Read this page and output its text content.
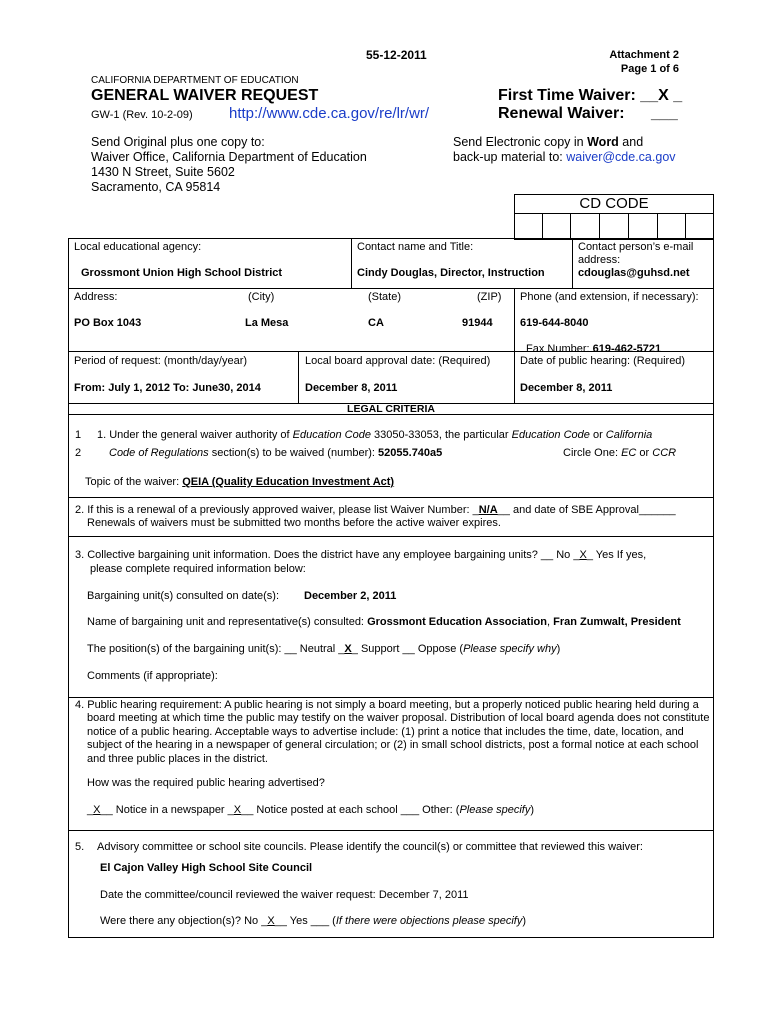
55-12-2011	Attachment 2
Page 1 of 6
CALIFORNIA DEPARTMENT OF EDUCATION
GENERAL WAIVER REQUEST
GW-1 (Rev. 10-2-09) http://www.cde.ca.gov/re/lr/wr/
First Time Waiver: __X _
Renewal Waiver: ___
Send Original plus one copy to:
Waiver Office, California Department of Education
1430 N Street, Suite 5602
Sacramento, CA 95814
Send Electronic copy in Word and
back-up material to: waiver@cde.ca.gov
CD CODE
Local educational agency:
Grossmont Union High School District
Contact name and Title:
Cindy Douglas, Director, Instruction
Contact person’s e-mail
address:
cdouglas@guhsd.net
Address:	(City)	(State)	(ZIP) Phone (and extension, if necessary):
PO Box 1043	La Mesa	CA	91944 619-644-8040
Fax Number: 619-462-5721
Period of request: (month/day/year)
From: July 1, 2012 To: June30, 2014
Local board approval date: (Required)
December 8, 2011
Date of public hearing: (Required)
December 8, 2011
LEGAL CRITERIA
1
2
1. Under the general waiver authority of Education Code 33050-33053, the particular Education Code or California
Code of Regulations section(s) to be waived (number): 52055.740a5	Circle One: EC or CCR
Topic of the waiver: QEIA (Quality Education Investment Act)
2. If this is a renewal of a previously approved waiver, please list Waiver Number: _N/A__ and date of SBE Approval______
Renewals of waivers must be submitted two months before the active waiver expires.
3. Collective bargaining unit information. Does the district have any employee bargaining units? __ No _X_ Yes If yes,
please complete required information below:
Bargaining unit(s) consulted on date(s): December 2, 2011
Name of bargaining unit and representative(s) consulted: Grossmont Education Association, Fran Zumwalt, President
The position(s) of the bargaining unit(s): __ Neutral _X_ Support __ Oppose (Please specify why)
Comments (if appropriate):
4. Public hearing requirement: A public hearing is not simply a board meeting, but a properly noticed public hearing held during a board meeting at which time the public may testify on the waiver proposal. Distribution of local board agenda does not constitute notice of a public hearing. Acceptable ways to advertise include: (1) print a notice that includes the time, date, location, and subject of the hearing in a newspaper of general circulation; or (2) in small school districts, post a formal notice at each school and three public places in the district.
How was the required public hearing advertised?
_X__ Notice in a newspaper _X__ Notice posted at each school ___ Other: (Please specify)
5. Advisory committee or school site councils. Please identify the council(s) or committee that reviewed this waiver:
El Cajon Valley High School Site Council
Date the committee/council reviewed the waiver request: December 7, 2011
Were there any objection(s)? No _X__ Yes ___ (If there were objections please specify)
